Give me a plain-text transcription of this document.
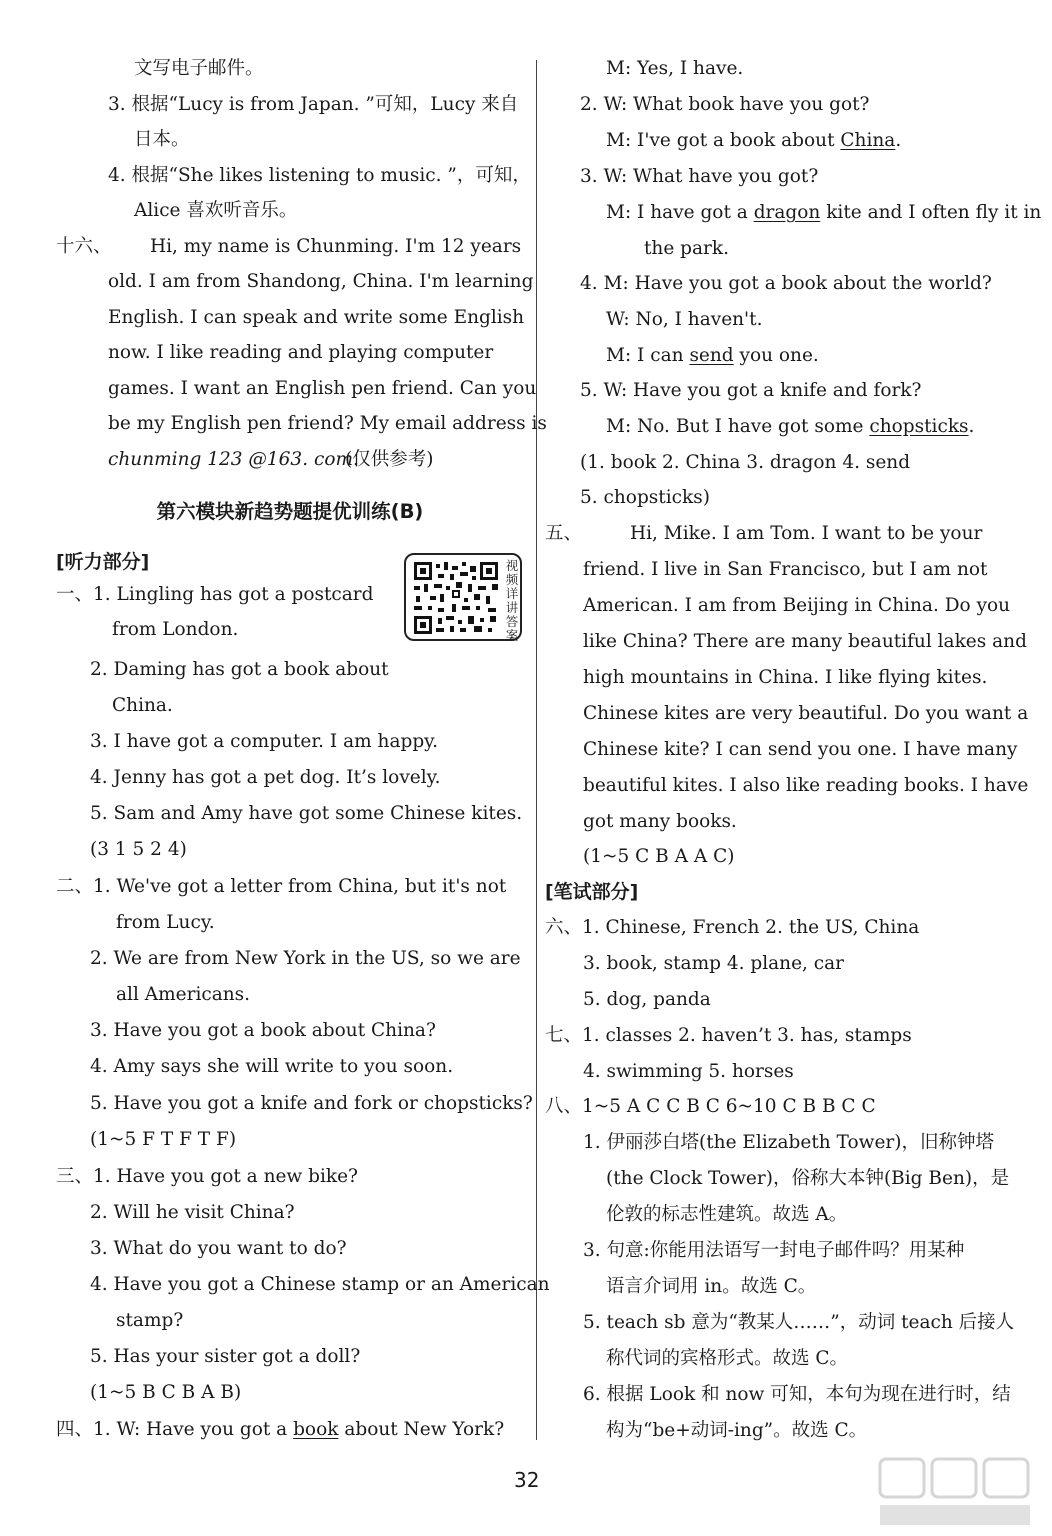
文写电子邮件。
3. 根据“Lucy is from Japan. ”可知，Lucy 来自
日本。
4. 根据“She likes listening to music. ”，可知，
Alice 喜欢听音乐。
十六、 Hi, my name is Chunming. I'm 12 years
old. I am from Shandong, China. I'm learning
English. I can speak and write some English
now. I like reading and playing computer
games. I want an English pen friend. Can you
be my English pen friend? My email address is
chunming 123 @163. com.
(仅供参考)
[听力部分]
一、1. Lingling has got a postcard
from London.
2. Daming has got a book about
China.
3. I have got a computer. I am happy.
4. Jenny has got a pet dog. It’s lovely.
5. Sam and Amy have got some Chinese kites.
(3 1 5 2 4)
二、1. We've got a letter from China, but it's not
from Lucy.
2. We are from New York in the US, so we are
all Americans.
3. Have you got a book about China?
4. Amy says she will write to you soon.
5. Have you got a knife and fork or chopsticks?
(1~5 F T F T F)
三、1. Have you got a new bike?
2. Will he visit China?
3. What do you want to do?
4. Have you got a Chinese stamp or an American
stamp?
5. Has your sister got a doll?
(1~5 B C B A B)
四、1. W: Have you got a book about New York?
M: Yes, I have.
2. W: What book have you got?
M: I've got a book about China.
3. W: What have you got?
M: I have got a dragon kite and I often fly it in
the park.
4. M: Have you got a book about the world?
W: No, I haven't.
M: I can send you one.
5. W: Have you got a knife and fork?
M: No. But I have got some chopsticks.
(1. book 2. China 3. dragon 4. send
5. chopsticks)
五、	Hi, Mike. I am Tom. I want to be your
friend. I live in San Francisco, but I am not
American. I am from Beijing in China. Do you
like China? There are many beautiful lakes and
high mountains in China. I like flying kites.
Chinese kites are very beautiful. Do you want a
Chinese kite? I can send you one. I have many
beautiful kites. I also like reading books. I have
got many books.
(1~5 C B A A C)
[笔试部分]
六、1. Chinese, French 2. the US, China
3. book, stamp 4. plane, car
5. dog, panda
七、1. classes 2. haven’t 3. has, stamps
4. swimming 5. horses
八、1~5 A C C B C 6~10 C B B C C
1. 伊丽莎白塔(the Elizabeth Tower)，旧称钟塔
(the Clock Tower)，俗称大本钟(Big Ben)，是
伦敦的标志性建筑。故选 A。
3. 句意:你能用法语写一封电子邮件吗？用某种
语言介词用 in。故选 C。
5. teach sb 意为“教某人……”，动词 teach 后接人
称代词的宾格形式。故选 C。
6. 根据 Look 和 now 可知，本句为现在进行时，结
构为“be+动词-ing”。故选 C。
第六模块新趋势题提优训练(B)
视频详讲答案
32
